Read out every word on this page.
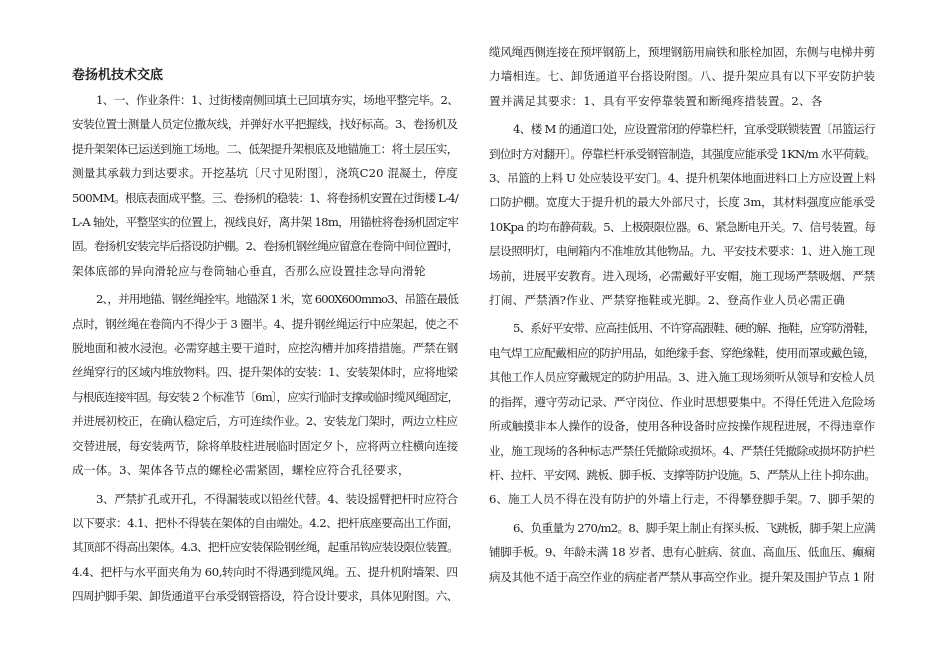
卷扬机技术交底
1、一、作业条件：1、过街楼南侧回填土已回填夯实，场地平整完毕。2、
安装位置士测量人员定位撒灰线，并弹好水平把握线，找好标高。3、卷扬机及
提升架架体已运送到施工场地。二、低架提升架根底及地锚施工：将土层压实，
测量其承载力到达要求。开挖基坑〔尺寸见附图〕，浇筑C20 混凝土，停度
500MM。根底表面成平整。三、卷扬机的稳装：1、将卷扬机安置在过街楼 L-4/
L-A 轴处，平整坚实的位置上，视线良好，离井架 18m，用锚桩将卷扬机固定牢
固。卷扬机安装完毕后搭设防护棚。2、卷扬机钢丝绳应留意在卷筒中间位置时，
架体底部的异向滑轮应与卷筒轴心垂直，否那么应设置挂念导向滑轮
2、，并用地锚、钢丝绳拴牢。地锚深 1 米，宽 600X600mmo3、吊篮在最低
点时，钢丝绳在卷筒内不得少于 3 圈半。4、提升钢丝绳运行中应架起，使之不
脱地面和被水浸泡。必需穿越主要干道时，应挖沟槽并加疼措措施。严禁在钢
丝绳穿行的区域内堆放物料。四、提升架体的安装：1、安装架体时，应将地梁
与根底连接牢固。每安装 2 个标准节〔6m〕，应实行临时支撑或临时缆风绳固定，
并进展初校正，在确认稳定后，方可连续作业。2、安装龙门架时，两边立柱应
交替进展，每安装两节，除将单肢柱进展临时固定夕卜，应将两立柱横向连接
成一体。3、架体各节点的螺栓必需紧固，螺栓应符合孔径要求，
3、严禁扩孔或开孔，不得漏装或以铅丝代替。4、装设摇臂把杆时应符合
以下要求：4.1、把朴不得装在架体的自由端处。4.2、把杆底座要高出工作面，
其顶部不得高出架体。4.3、把杆应安装保险钢丝绳，起重吊钩应装设限位装置。
4.4、把杆与水平面夹角为 60,转向时不得遇到缆风绳。五、提升机附墙架、四
四周护脚手架、卸货通道平台承受钢管搭设，符合设计要求，具体见附图。六、
缆风绳西侧连接在预坪钢筋上，预埋钢筋用扁铁和胀栓加固，东侧与电梯井剪
力墙相连。七、卸货通道平台搭设附图。八、提升架应具有以下平安防护装
置并满足其要求：1、具有平安停靠装置和断绳疼措装置。2、各
4、楼 M 的通道口处，应设置常闭的停靠栏杆，宜承受联锁装置〔吊篮运行
到位时方对翻开〕。停靠栏杆承受钢管制造，其强度应能承受 1KN/m 水平荷载。
3、吊篮的上料 U 处应装设平安门。4、提升机架体地面进料口上方应设置上料
口防护棚。宽度大于提升机的最大外部尺寸，长度 3m，其材料强度应能承受
10Kpa 的均布静荷载。5、上极限限位器。6、紧急断电开关。7、信号装置。每
层设照明灯，电闸箱内不准堆放其他物品。九、平安技术要求：1、进入施工现
场前，进展平安教育。进入现场，必需戴好平安帽，施工现场严禁吸烟、严禁
打闹、严禁酒?作业、严禁穿拖鞋或光脚。2、登高作业人员必需正确
5、系好平安带、应高挂低用、不许穿高跟鞋、硬的解、拖鞋，应穿防滑鞋，
电气焊工应配戴相应的防护用品，如绝缘手套、穿绝缘鞋，使用而罩或戴色镜，
其他工作人员应穿戴规定的防护用品。3、进入施工现场须听从领导和安检人员
的指挥，遵守劳动记录、严守岗位、作业时思想要集中。不得任凭进入危险场
所或触摸非本人操作的设备，使用各种设备时应按操作规程进展，不得违章作
业，施工现场的各种标志严禁任凭撤除或损坏。4、严禁任凭撤除或损坏防护栏
杆、拉杆、平安网、跳板、脚手板、支撑等防护设施。5、严禁从上往卜抑东曲。
6、施工人员不得在没有防护的外墙上行走，不得攀登脚手架。7、脚手架的
6、负重量为 270/m2。8、脚手架上制止有探头板、飞跳板，脚手架上应满
铺脚手板。9、年龄未满 18 岁者、患有心脏病、贫血、高血压、低血压、癫痫
病及其他不适于高空作业的病症者严禁从事高空作业。提升架及围护节点 1 附
